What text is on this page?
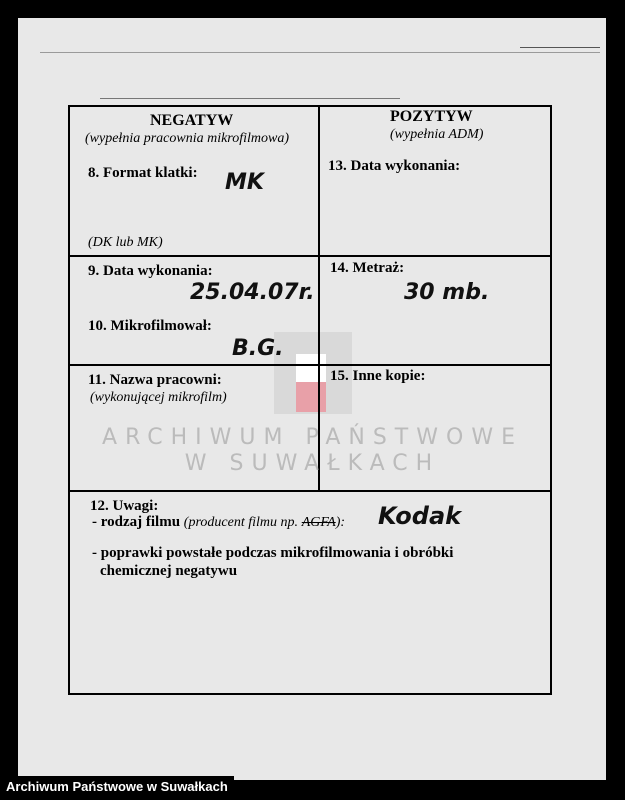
NEGATYW
(wypełnia pracownia mikrofilmowa)
POZYTYW
(wypełnia ADM)
8. Format klatki: MK
(DK lub MK)
13. Data wykonania:
9. Data wykonania:
25.04.07r.
14. Metraż:
30 mb.
10. Mikrofilmował:
B.G.
11. Nazwa pracowni:
(wykonującej mikrofilm)
15. Inne kopie:
ARCHIWUM PAŃSTWOWE
W SUWAŁKACH
12. Uwagi:
- rodzaj filmu (producent filmu np. AGFA): Kodak
- poprawki powstałe podczas mikrofilmowania i obróbki
chemicznej negatywu
Archiwum Państwowe w Suwałkach
